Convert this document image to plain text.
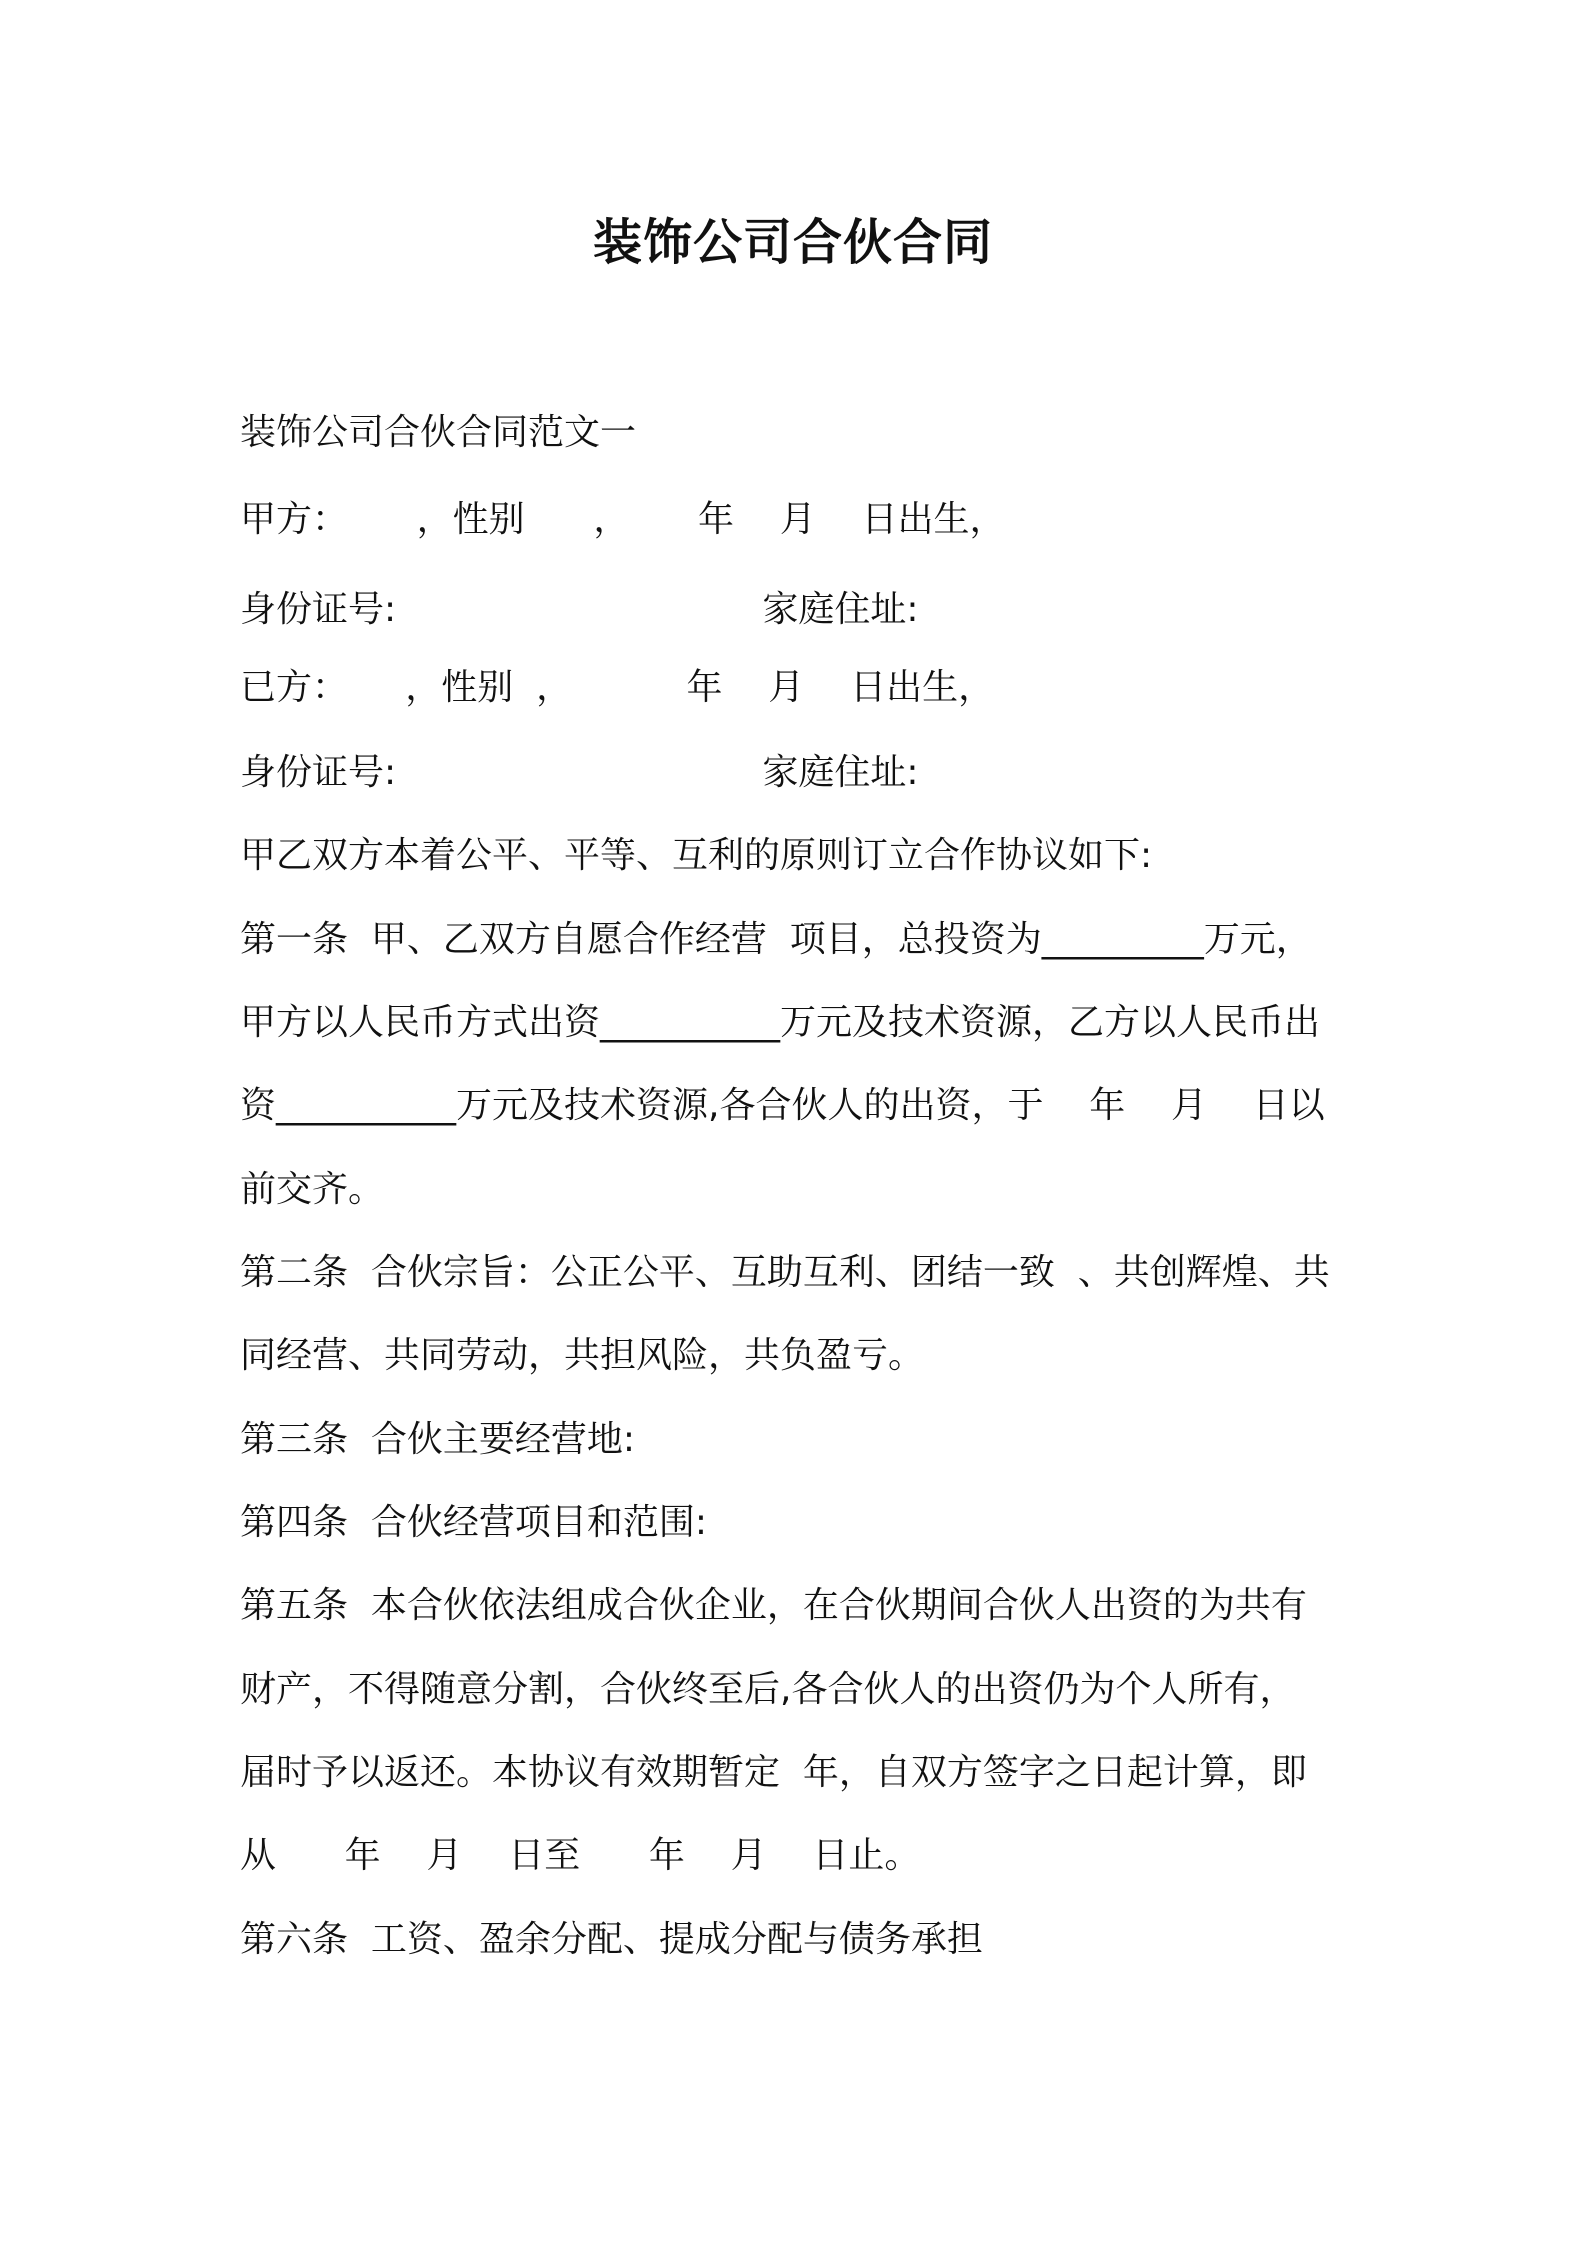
装饰公司合伙合同

装饰公司合伙合同范文一

甲方：      ，性别      ，      年    月    日出生，

身份证号:                                家庭住址:

已方：     ，性别  ，          年    月    日出生，

身份证号:                                家庭住址:

甲乙双方本着公平、平等、互利的原则订立合作协议如下:

第一条  甲、乙双方自愿合作经营  项目，总投资为_________万元，

甲方以人民币方式出资__________万元及技术资源，乙方以人民币出

资__________万元及技术资源,各合伙人的出资，于    年    月    日以

前交齐。

第二条  合伙宗旨：公正公平、互助互利、团结一致  、共创辉煌、共

同经营、共同劳动，共担风险，共负盈亏。

第三条  合伙主要经营地:

第四条  合伙经营项目和范围:

第五条  本合伙依法组成合伙企业，在合伙期间合伙人出资的为共有

财产，不得随意分割，合伙终至后,各合伙人的出资仍为个人所有，

届时予以返还。本协议有效期暂定  年，自双方签字之日起计算，即

从      年    月    日至      年    月    日止。

第六条  工资、盈余分配、提成分配与债务承担
